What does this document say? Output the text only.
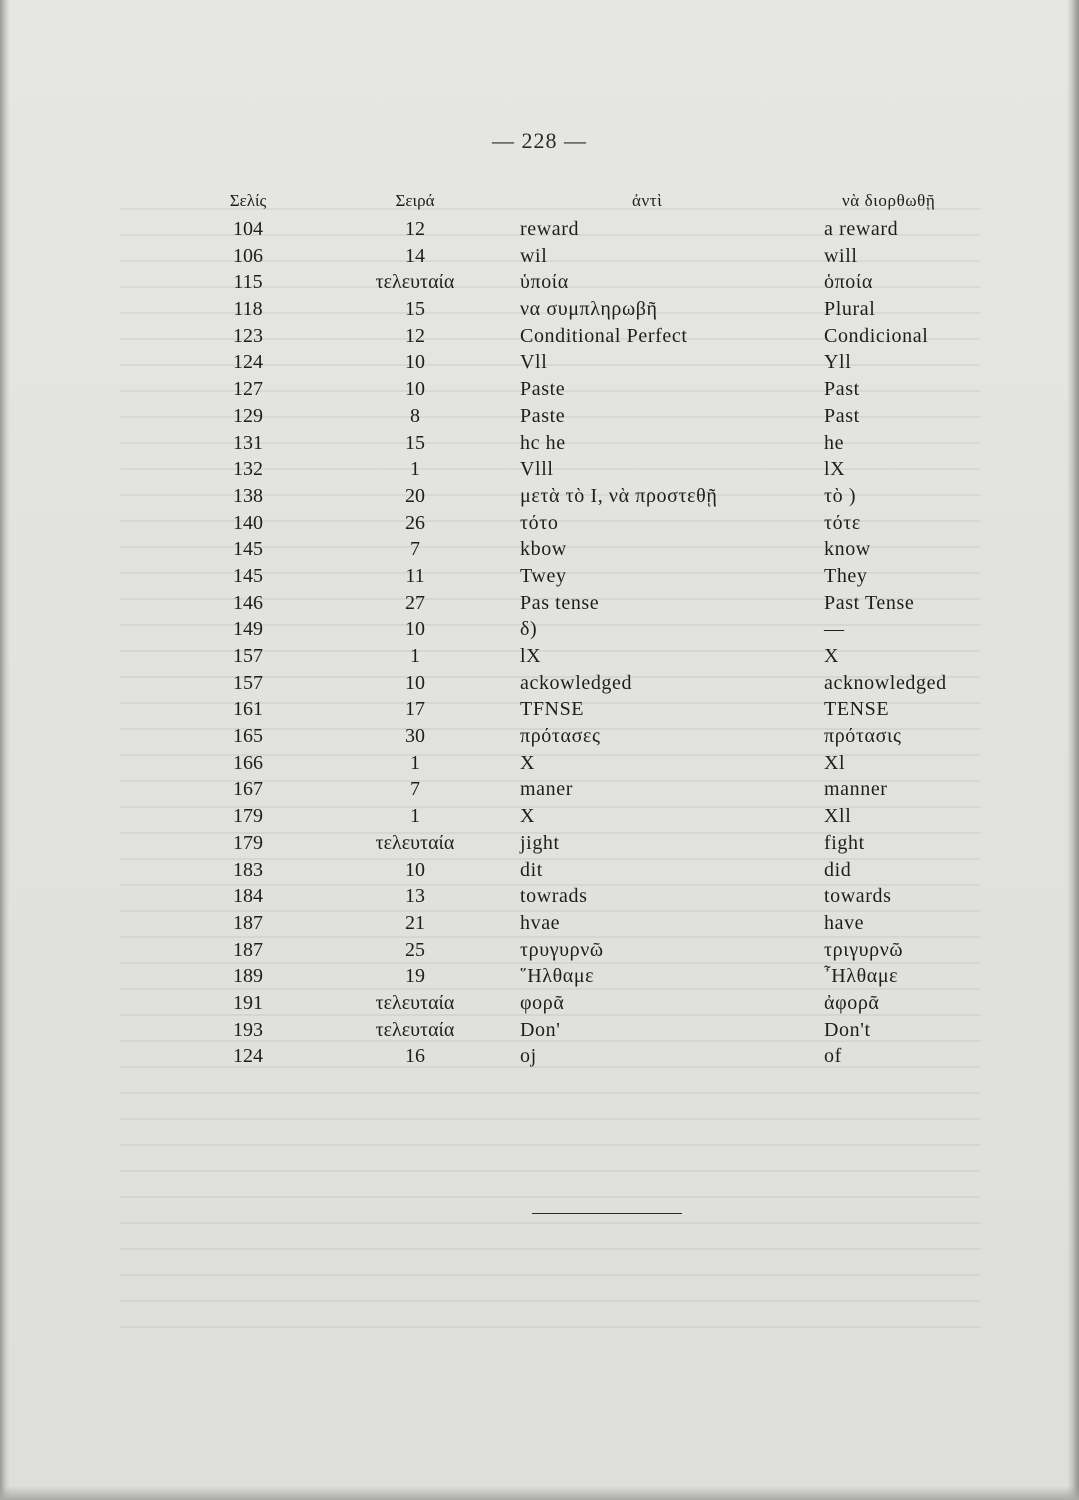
— 228 —
Σελίς	Σειρά	ἀντὶ	νὰ διορθωθῇ
104	12	reward	a reward
106	14	wil	will
115	τελευταία	ὑποία	ὁποία
118	15	να συμπληρωβῆ	Plural
123	12	Conditional Perfect	Condicional
124	10	Vll	Yll
127	10	Paste	Past
129	8	Paste	Past
131	15	hc he	he
132	1	Vlll	lX
138	20	μετὰ τὸ Ι, νὰ προστεθῇ	τὸ )
140	26	τότο	τότε
145	7	kbow	know
145	11	Twey	They
146	27	Pas tense	Past Tense
149	10	δ)	—
157	1	lX	X
157	10	ackowledged	acknowledged
161	17	TFNSE	TENSE
165	30	πρότασες	πρότασις
166	1	X	Xl
167	7	maner	manner
179	1	X	Xll
179	τελευταία	jight	fight
183	10	dit	did
184	13	towrads	towards
187	21	hvae	have
187	25	τρυγυρνῶ	τριγυρνῶ
189	19	῞Ηλθαμε	῏Ηλθαμε
191	τελευταία	φορᾶ	ἀφορᾶ
193	τελευταία	Don'	Don't
124	16	οj	of
